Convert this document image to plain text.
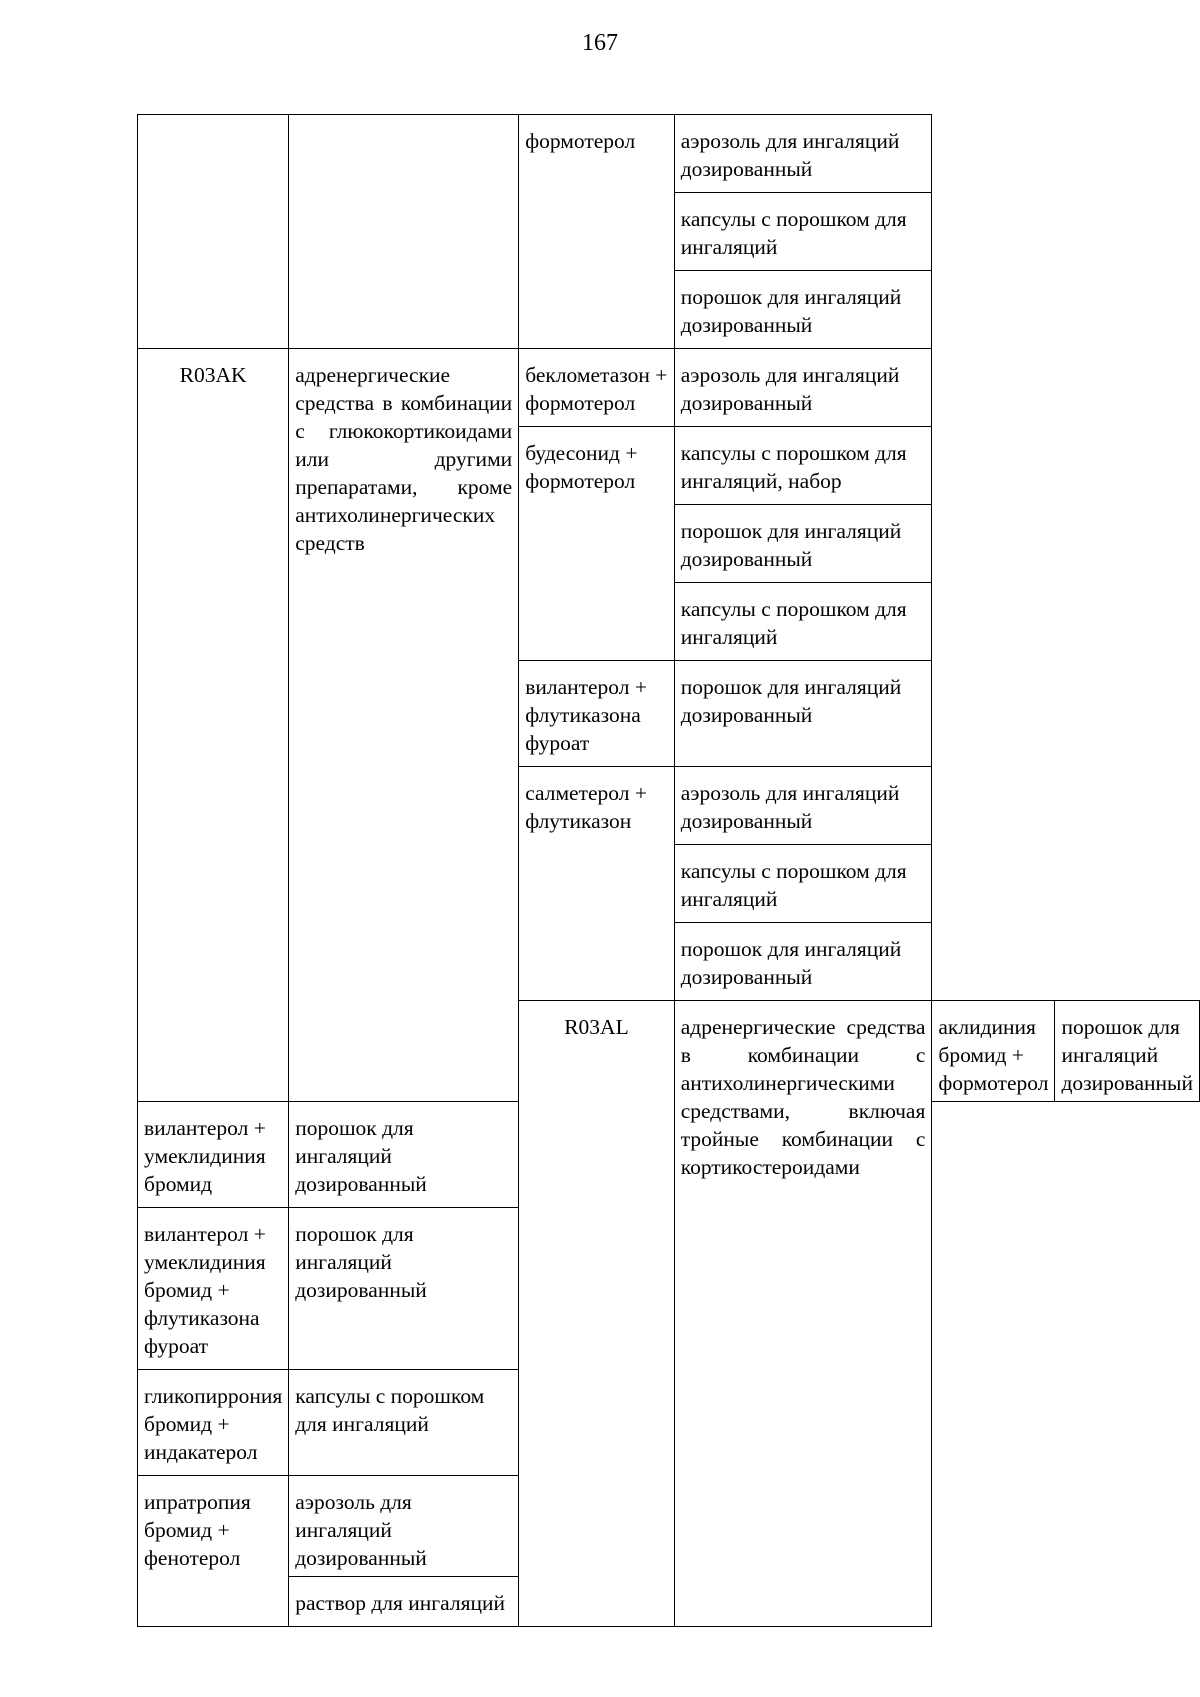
167
		формотерол	аэрозоль для ингаляций дозированный		
			капсулы с порошком для ингаляций		
			порошок для ингаляций дозированный		
R03AK	адренергические средства в комбинации с глюкокортикоидами или другими препаратами, кроме антихолинергических средств	беклометазон + формотерол	аэрозоль для ингаляций дозированный		
		будесонид + формотерол	капсулы с порошком для ингаляций, набор		
			порошок для ингаляций дозированный		
			капсулы с порошком для ингаляций		
		вилантерол + флутиказона фуроат	порошок для ингаляций дозированный		
		салметерол + флутиказон	аэрозоль для ингаляций дозированный		
			капсулы с порошком для ингаляций		
			порошок для ингаляций дозированный		
		R03AL	адренергические средства в комбинации с антихолинергическими средствами, включая тройные комбинации с кортикостероидами	аклидиния бромид + формотерол	порошок для ингаляций дозированный
вилантерол + умеклидиния бромид	порошок для ингаляций дозированный				
вилантерол + умеклидиния бромид + флутиказона фуроат	порошок для ингаляций дозированный				
гликопиррония бромид + индакатерол	капсулы с порошком для ингаляций				
ипратропия бромид + фенотерол	аэрозоль для ингаляций дозированный				
	раствор для ингаляций				
